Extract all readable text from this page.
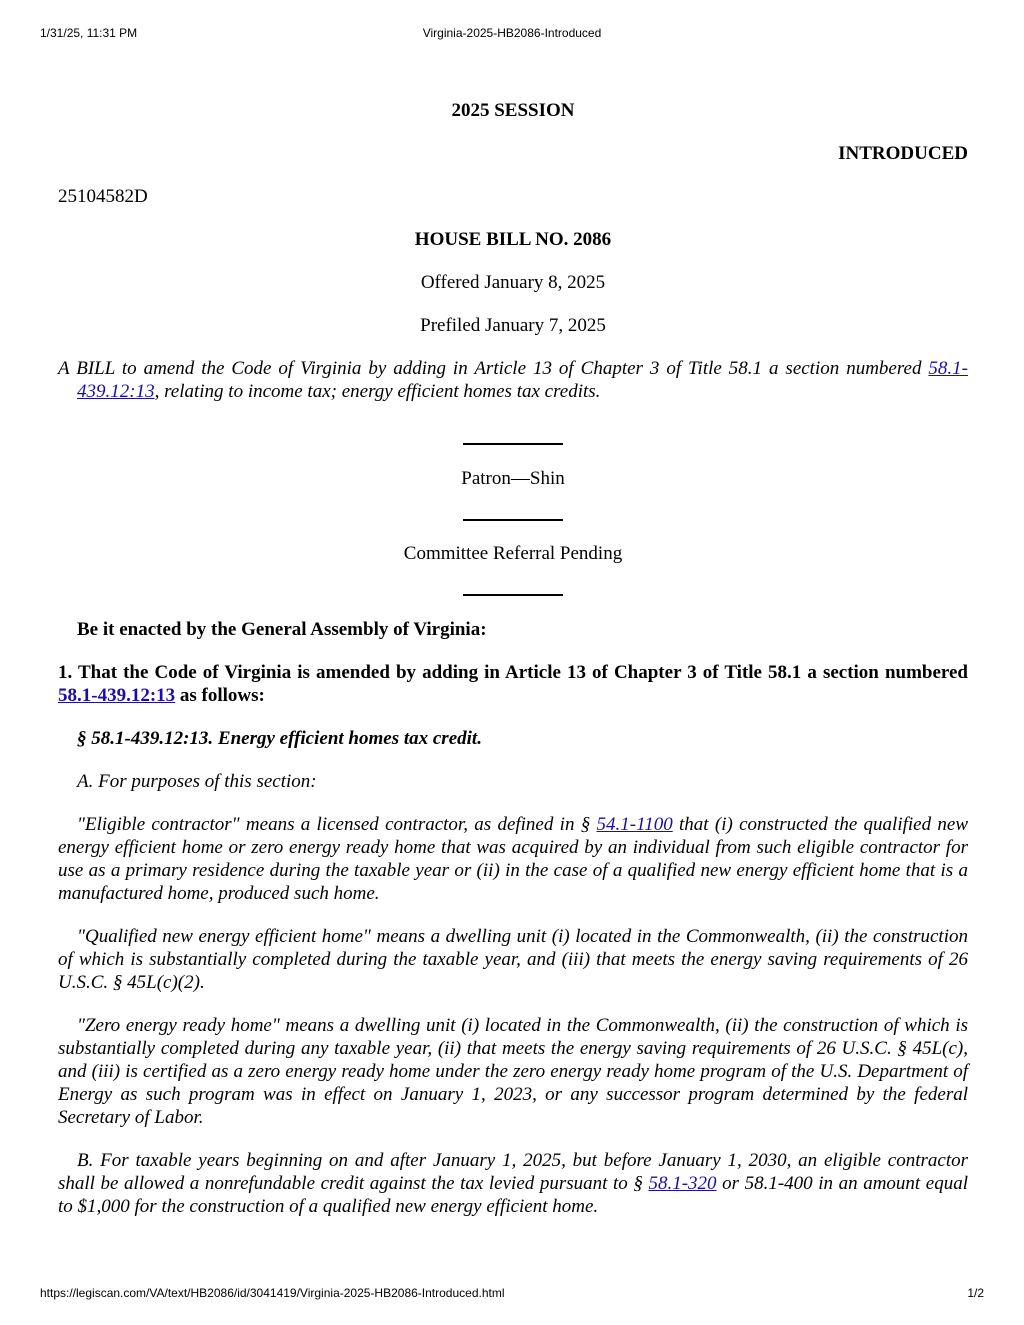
1/31/25, 11:31 PM	Virginia-2025-HB2086-Introduced

2025 SESSION

INTRODUCED

25104582D

HOUSE BILL NO. 2086

Offered January 8, 2025

Prefiled January 7, 2025

A BILL to amend the Code of Virginia by adding in Article 13 of Chapter 3 of Title 58.1 a section numbered 58.1-439.12:13, relating to income tax; energy efficient homes tax credits.

Patron—Shin

Committee Referral Pending

Be it enacted by the General Assembly of Virginia:

1. That the Code of Virginia is amended by adding in Article 13 of Chapter 3 of Title 58.1 a section numbered 58.1-439.12:13 as follows:

§ 58.1-439.12:13. Energy efficient homes tax credit.

A. For purposes of this section:

"Eligible contractor" means a licensed contractor, as defined in § 54.1-1100 that (i) constructed the qualified new energy efficient home or zero energy ready home that was acquired by an individual from such eligible contractor for use as a primary residence during the taxable year or (ii) in the case of a qualified new energy efficient home that is a manufactured home, produced such home.

"Qualified new energy efficient home" means a dwelling unit (i) located in the Commonwealth, (ii) the construction of which is substantially completed during the taxable year, and (iii) that meets the energy saving requirements of 26 U.S.C. § 45L(c)(2).

"Zero energy ready home" means a dwelling unit (i) located in the Commonwealth, (ii) the construction of which is substantially completed during any taxable year, (ii) that meets the energy saving requirements of 26 U.S.C. § 45L(c), and (iii) is certified as a zero energy ready home under the zero energy ready home program of the U.S. Department of Energy as such program was in effect on January 1, 2023, or any successor program determined by the federal Secretary of Labor.

B. For taxable years beginning on and after January 1, 2025, but before January 1, 2030, an eligible contractor shall be allowed a nonrefundable credit against the tax levied pursuant to § 58.1-320 or 58.1-400 in an amount equal to $1,000 for the construction of a qualified new energy efficient home.

https://legiscan.com/VA/text/HB2086/id/3041419/Virginia-2025-HB2086-Introduced.html	1/2
